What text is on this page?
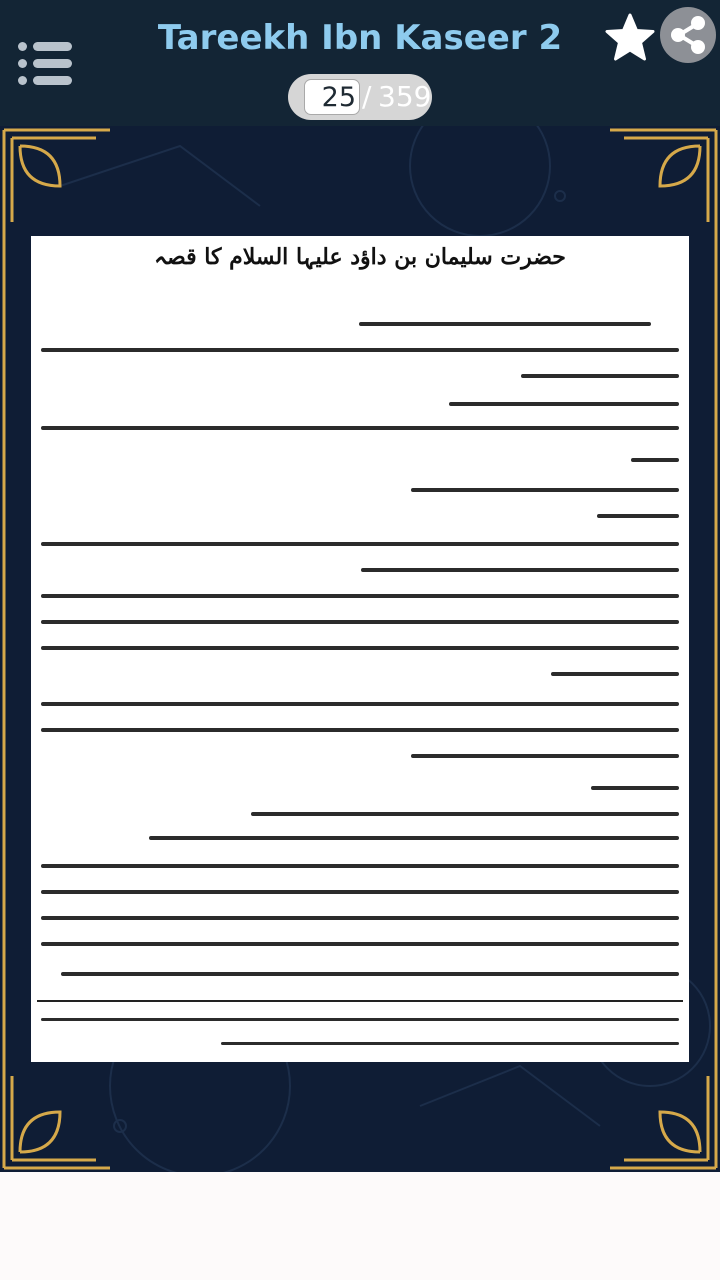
Tareekh Ibn Kaseer 2
25
/ 359
حضرت سلیمان بن داؤد علیہا السلام کا قصہ
